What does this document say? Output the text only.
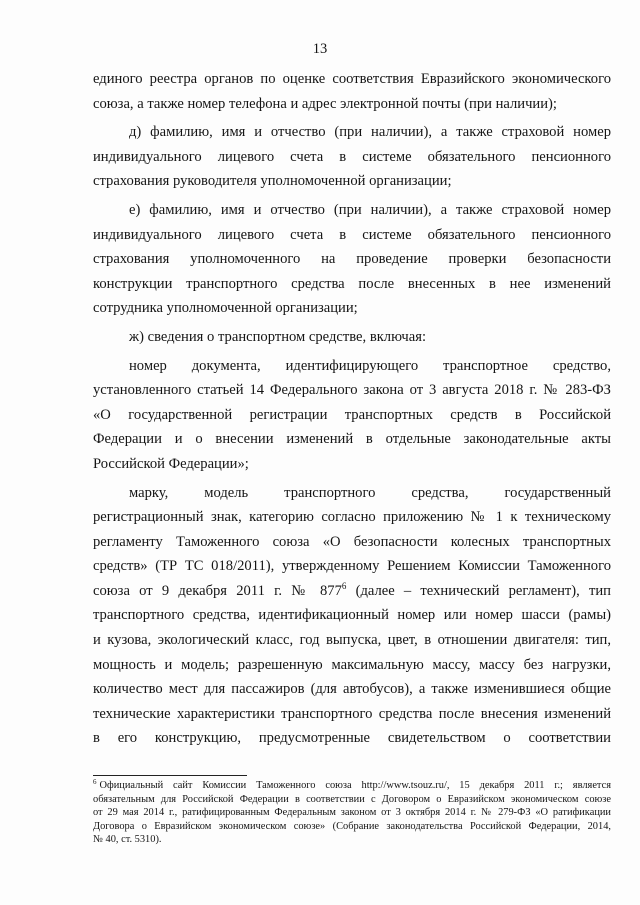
13
единого реестра органов по оценке соответствия Евразийского экономического
союза, а также номер телефона и адрес электронной почты (при наличии);
д) фамилию, имя и отчество (при наличии), а также страховой номер
индивидуального лицевого счета в системе обязательного пенсионного
страхования руководителя уполномоченной организации;
е) фамилию, имя и отчество (при наличии), а также страховой номер
индивидуального лицевого счета в системе обязательного пенсионного
страхования уполномоченного на проведение проверки безопасности
конструкции транспортного средства после внесенных в нее изменений
сотрудника уполномоченной организации;
ж) сведения о транспортном средстве, включая:
номер документа, идентифицирующего транспортное средство,
установленного статьей 14 Федерального закона от 3 августа 2018 г. № 283-ФЗ
«О государственной регистрации транспортных средств в Российской
Федерации и о внесении изменений в отдельные законодательные акты
Российской Федерации»;
марку, модель транспортного средства, государственный
регистрационный знак, категорию согласно приложению № 1 к техническому
регламенту Таможенного союза «О безопасности колесных транспортных
средств» (ТР ТС 018/2011), утвержденному Решением Комиссии Таможенного
союза от 9 декабря 2011 г. № 877$^6$ (далее – технический регламент), тип
транспортного средства, идентификационный номер или номер шасси (рамы)
и кузова, экологический класс, год выпуска, цвет, в отношении двигателя: тип,
мощность и модель; разрешенную максимальную массу, массу без нагрузки,
количество мест для пассажиров (для автобусов), а также изменившиеся общие
технические характеристики транспортного средства после внесения изменений
в его конструкцию, предусмотренные свидетельством о соответствии
$^6$ Официальный сайт Комиссии Таможенного союза http://www.tsouz.ru/, 15 декабря 2011 г.; является
обязательным для Российской Федерации в соответствии с Договором о Евразийском экономическом союзе
от 29 мая 2014 г., ратифицированным Федеральным законом от 3 октября 2014 г. № 279-ФЗ «О ратификации
Договора о Евразийском экономическом союзе» (Собрание законодательства Российской Федерации, 2014,
№ 40, ст. 5310).
